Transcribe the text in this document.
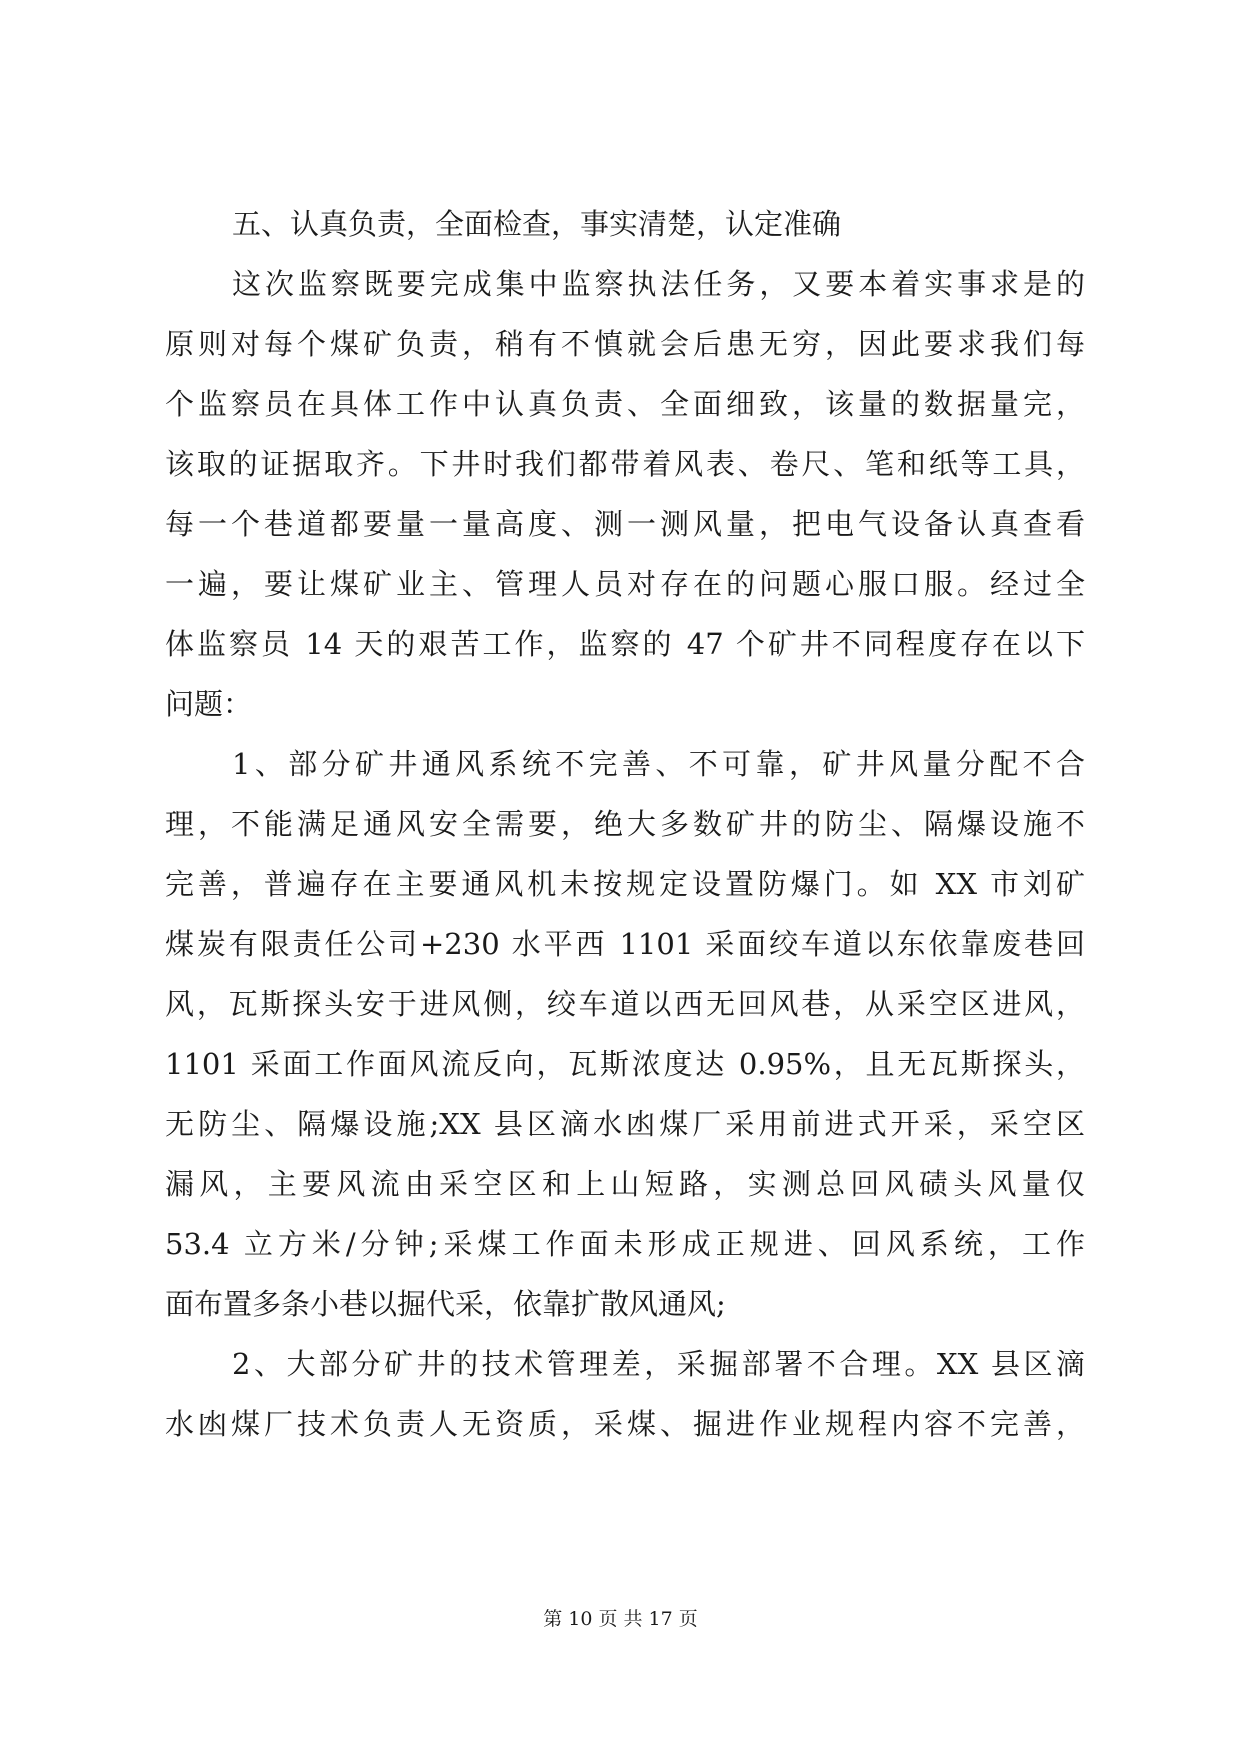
五、认真负责，全面检查，事实清楚，认定准确
这次监察既要完成集中监察执法任务，又要本着实事求是的
原则对每个煤矿负责，稍有不慎就会后患无穷，因此要求我们每
个监察员在具体工作中认真负责、全面细致，该量的数据量完，
该取的证据取齐。下井时我们都带着风表、卷尺、笔和纸等工具，
每一个巷道都要量一量高度、测一测风量，把电气设备认真查看
一遍，要让煤矿业主、管理人员对存在的问题心服口服。经过全
体监察员 14 天的艰苦工作，监察的 47 个矿井不同程度存在以下
问题：
1、部分矿井通风系统不完善、不可靠，矿井风量分配不合
理，不能满足通风安全需要，绝大多数矿井的防尘、隔爆设施不
完善，普遍存在主要通风机未按规定设置防爆门。如 XX 市刘矿
煤炭有限责任公司+230 水平西 1101 采面绞车道以东依靠废巷回
风，瓦斯探头安于进风侧，绞车道以西无回风巷，从采空区进风，
1101 采面工作面风流反向，瓦斯浓度达 0.95%，且无瓦斯探头，
无防尘、隔爆设施;XX 县区滴水凼煤厂采用前进式开采，采空区
漏风，主要风流由采空区和上山短路，实测总回风碛头风量仅
53.4 立方米/分钟;采煤工作面未形成正规进、回风系统，工作
面布置多条小巷以掘代采，依靠扩散风通风;
2、大部分矿井的技术管理差，采掘部署不合理。XX 县区滴
水凼煤厂技术负责人无资质，采煤、掘进作业规程内容不完善，
第 10 页 共 17 页
